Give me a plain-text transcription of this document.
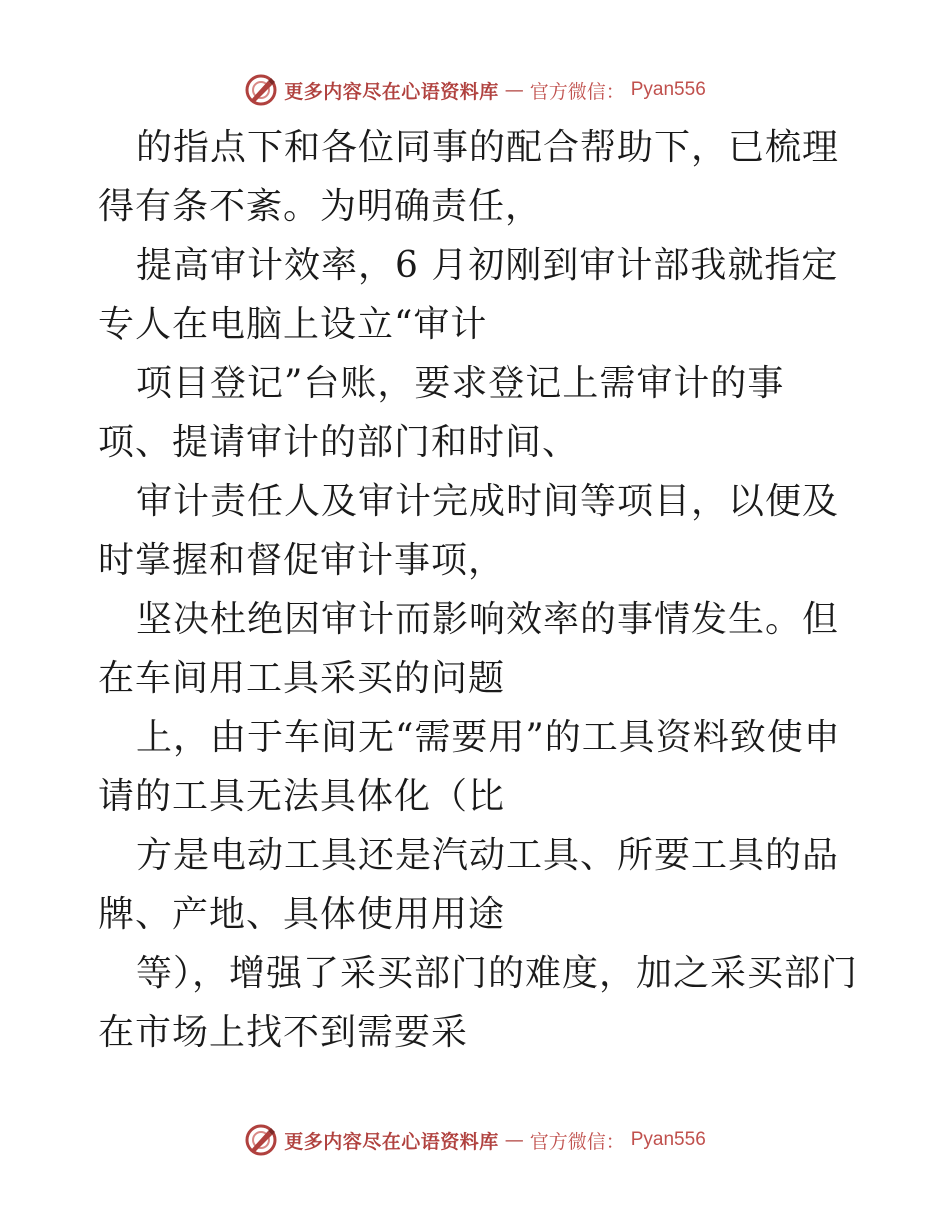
更多内容尽在心语资料库 — 官方微信： Pyan556

的指点下和各位同事的配合帮助下，已梳理得有条不紊。为明确责任，

提高审计效率，6 月初刚到审计部我就指定专人在电脑上设立“审计

项目登记”台账，要求登记上需审计的事项、提请审计的部门和时间、

审计责任人及审计完成时间等项目，以便及时掌握和督促审计事项，

坚决杜绝因审计而影响效率的事情发生。但在车间用工具采买的问题

上，由于车间无“需要用”的工具资料致使申请的工具无法具体化（比

方是电动工具还是汽动工具、所要工具的品牌、产地、具体使用用途

等），增强了采买部门的难度，加之采买部门在市场上找不到需要采

更多内容尽在心语资料库 — 官方微信： Pyan556
